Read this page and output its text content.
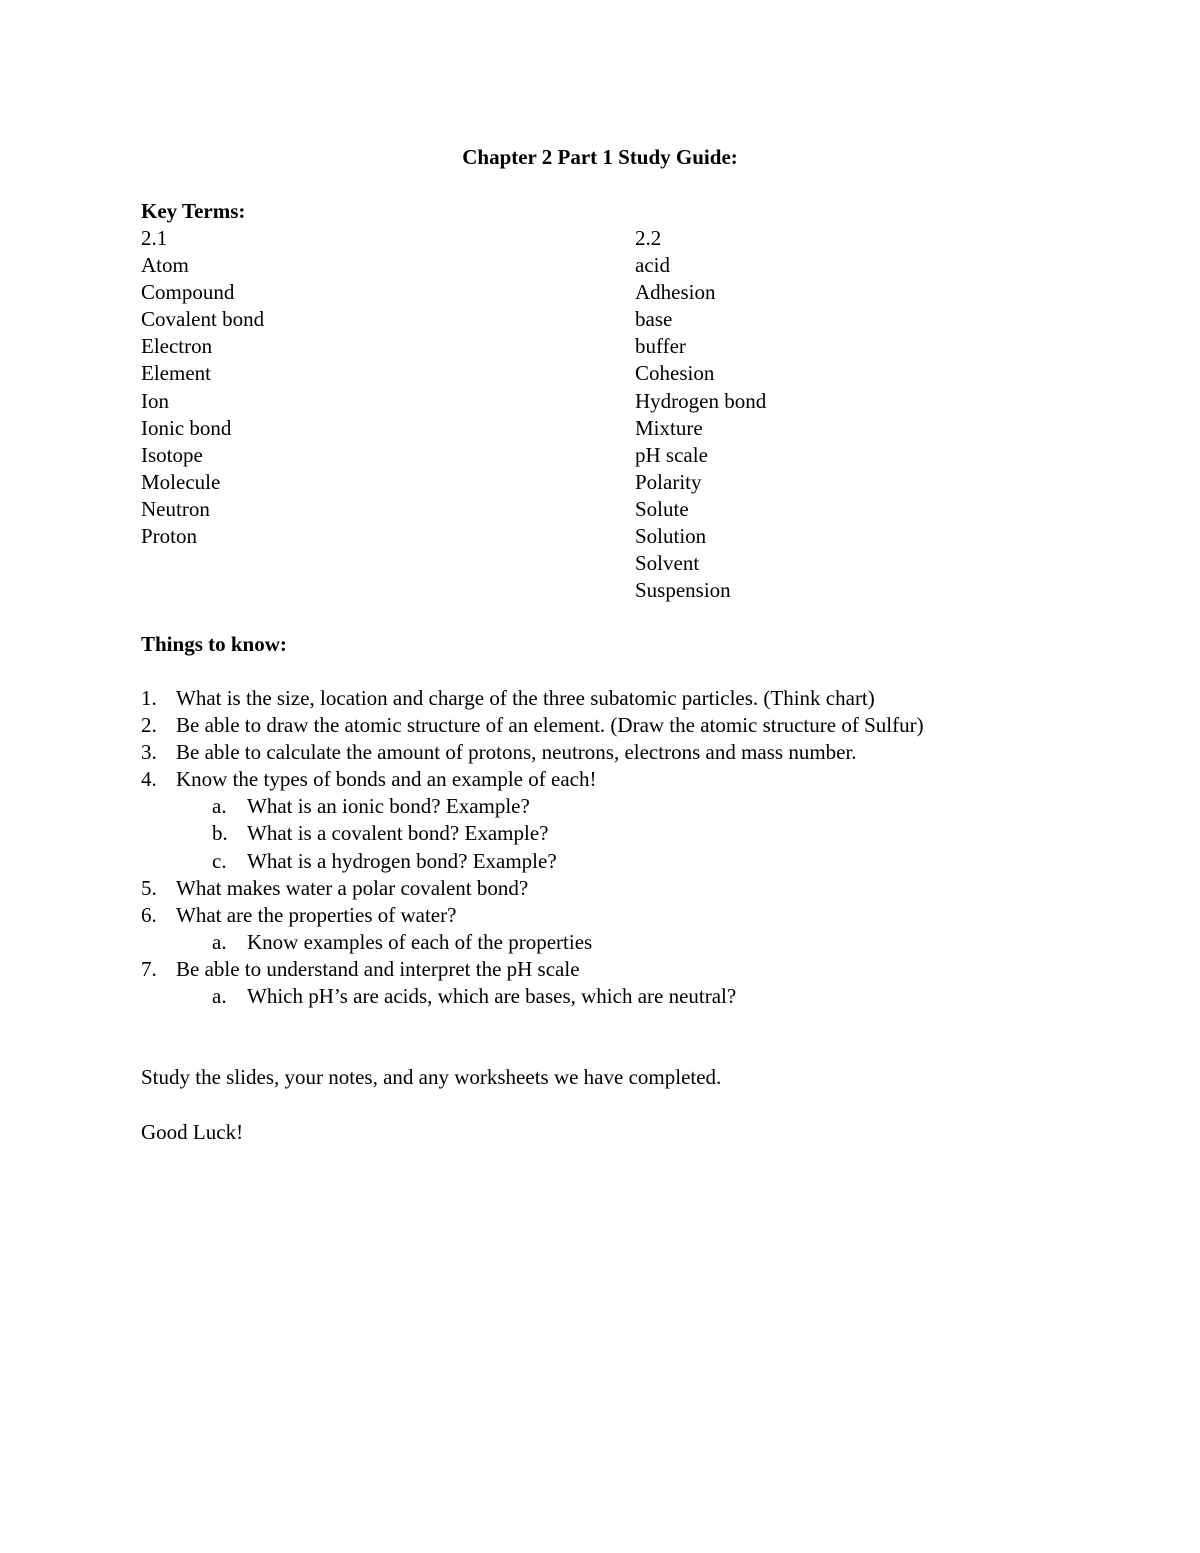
Chapter 2 Part 1 Study Guide:

Key Terms:

2.1
Atom
Compound
Covalent bond
Electron
Element
Ion
Ionic bond
Isotope
Molecule
Neutron
Proton
2.2
acid
Adhesion
base
buffer
Cohesion
Hydrogen bond
Mixture
pH scale
Polarity
Solute
Solution
Solvent
Suspension

Things to know:

1. What is the size, location and charge of the three subatomic particles. (Think chart)
2. Be able to draw the atomic structure of an element. (Draw the atomic structure of Sulfur)
3. Be able to calculate the amount of protons, neutrons, electrons and mass number.
4. Know the types of bonds and an example of each!
a. What is an ionic bond? Example?
b. What is a covalent bond? Example?
c. What is a hydrogen bond? Example?
5. What makes water a polar covalent bond?
6. What are the properties of water?
a. Know examples of each of the properties
7. Be able to understand and interpret the pH scale
a. Which pH’s are acids, which are bases, which are neutral?

Study the slides, your notes, and any worksheets we have completed.

Good Luck!
